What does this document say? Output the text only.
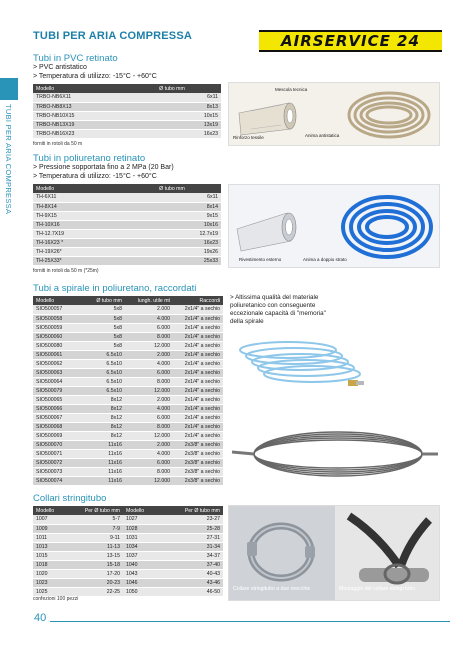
TUBI PER ARIA COMPRESSA
TUBI PER ARIA COMPRESSA	AIRSERVICE 24
Tubi in PVC retinato
> PVC antistatico
> Temperatura di utilizzo: -15°C - +60°C
Modello	Ø tubo mm
TRBO-NB6X11	6x11
TRBO-NB8X13	8x13
TRBO-NB10X15	10x15
TRBO-NB13X19	13x19
TRBO-NB16X23	16x23
forniti in rotoli da 50 m
Mescola tecnica
Rinforzo tessile	Anima antistatica
Tubi in poliuretano retinato
> Pressione sopportata fino a 2 MPa (20 Bar)
> Temperatura di utilizzo: -15°C - +60°C
Modello	Ø tubo mm
TH-6X11	6x11
TH-8X14	8x14
TH-9X15	9x15
TH-10X16	10x16
TH-12.7X19	12.7x19
TH-16X23 *	16x23
TH-19X26*	19x26
TH-25X33*	25x33
forniti in rotoli da 50 m (*25m)
Rivestimento esterno	Anima a doppio strato
Tubi a spirale in poliuretano, raccordati
Modello	Ø tubo mm	lungh. utile mt	Raccordi
SIO500057	5x8	2.000	2x1/4" a sechio
SIO500058	5x8	4.000	2x1/4" a sechio
SIO500059	5x8	6.000	2x1/4" a sechio
SIO500060	5x8	8.000	2x1/4" a sechio
SIO500080	5x8	12.000	2x1/4" a sechio
SIO500061	6.5x10	2.000	2x1/4" a sechio
SIO500062	6.5x10	4.000	2x1/4" a sechio
SIO500063	6.5x10	6.000	2x1/4" a sechio
SIO500064	6.5x10	8.000	2x1/4" a sechio
SIO500079	6.5x10	12.000	2x1/4" a sechio
SIO500065	8x12	2.000	2x1/4" a sechio
SIO500066	8x12	4.000	2x1/4" a sechio
SIO500067	8x12	6.000	2x1/4" a sechio
SIO500068	8x12	8.000	2x1/4" a sechio
SIO500069	8x12	12.000	2x1/4" a sechio
SIO500070	11x16	2.000	2x3/8" a sechio
SIO500071	11x16	4.000	2x3/8" a sechio
SIO500072	11x16	6.000	2x3/8" a sechio
SIO500073	11x16	8.000	2x3/8" a sechio
SIO500074	11x16	12.000	2x3/8" a sechio
> Altissima qualità del materiale poliuretanico con conseguente eccezionale capacità di "memoria" della spirale
Collari stringitubo
Modello	Per Ø tubo mm	Modello	Per Ø tubo mm
1007	5-7	1027	23-27
1009	7-9	1028	25-28
1011	9-11	1031	27-31
1013	11-13	1034	31-34
1015	13-15	1037	34-37
1018	15-18	1040	37-40
1020	17-20	1043	40-43
1023	20-23	1046	43-46
1025	22-25	1050	46-50
confezioni 100 pezzi
Collare stringitubo a due orecchie	Montaggio del collare stringi tubo
40
